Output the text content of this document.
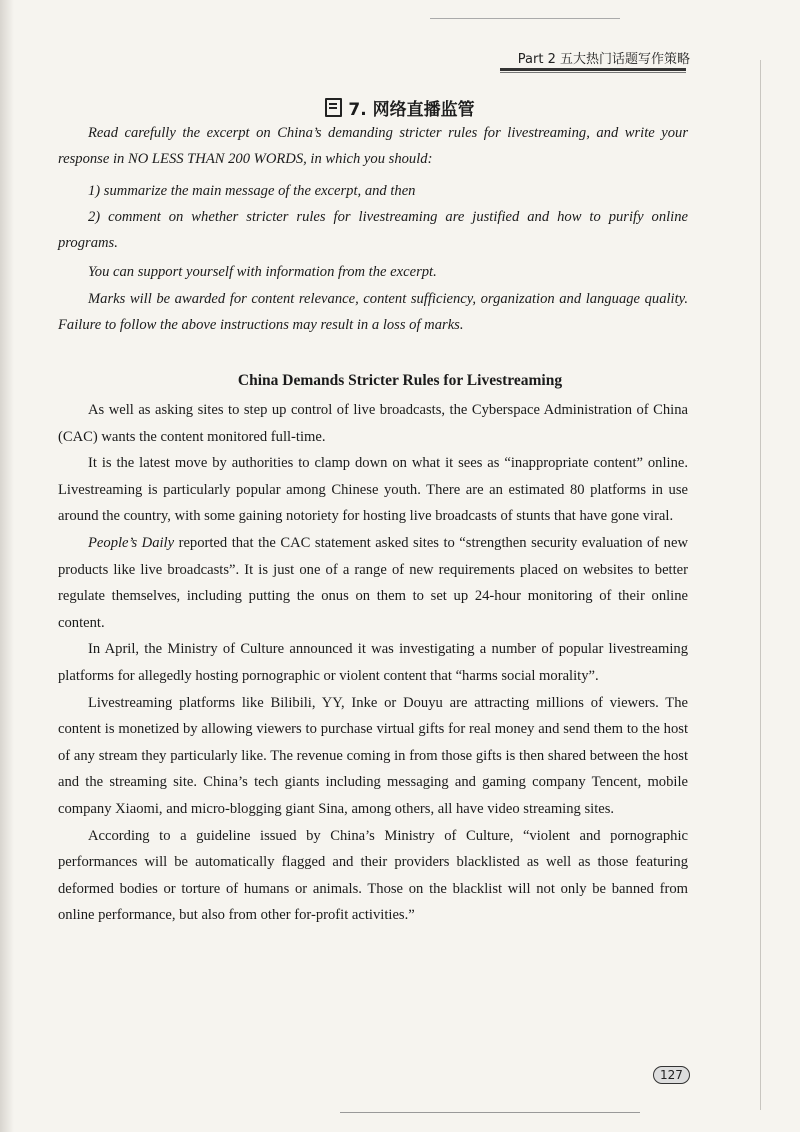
Part 2 五大热门话题写作策略
7. 网络直播监管
Read carefully the excerpt on China’s demanding stricter rules for livestreaming, and write your response in NO LESS THAN 200 WORDS, in which you should:
1) summarize the main message of the excerpt, and then
2) comment on whether stricter rules for livestreaming are justified and how to purify online programs.
You can support yourself with information from the excerpt.
Marks will be awarded for content relevance, content sufficiency, organization and language quality. Failure to follow the above instructions may result in a loss of marks.
China Demands Stricter Rules for Livestreaming

As well as asking sites to step up control of live broadcasts, the Cyberspace Administration of China (CAC) wants the content monitored full-time.

It is the latest move by authorities to clamp down on what it sees as “inappropriate content” online. Livestreaming is particularly popular among Chinese youth. There are an estimated 80 platforms in use around the country, with some gaining notoriety for hosting live broadcasts of stunts that have gone viral.

People’s Daily reported that the CAC statement asked sites to “strengthen security evaluation of new products like live broadcasts”. It is just one of a range of new requirements placed on websites to better regulate themselves, including putting the onus on them to set up 24-hour monitoring of their online content.

In April, the Ministry of Culture announced it was investigating a number of popular livestreaming platforms for allegedly hosting pornographic or violent content that “harms social morality”.

Livestreaming platforms like Bilibili, YY, Inke or Douyu are attracting millions of viewers. The content is monetized by allowing viewers to purchase virtual gifts for real money and send them to the host of any stream they particularly like. The revenue coming in from those gifts is then shared between the host and the streaming site. China’s tech giants including messaging and gaming company Tencent, mobile company Xiaomi, and micro-blogging giant Sina, among others, all have video streaming sites.

According to a guideline issued by China’s Ministry of Culture, “violent and pornographic performances will be automatically flagged and their providers blacklisted as well as those featuring deformed bodies or torture of humans or animals. Those on the blacklist will not only be banned from online performance, but also from other for-profit activities.”

127
